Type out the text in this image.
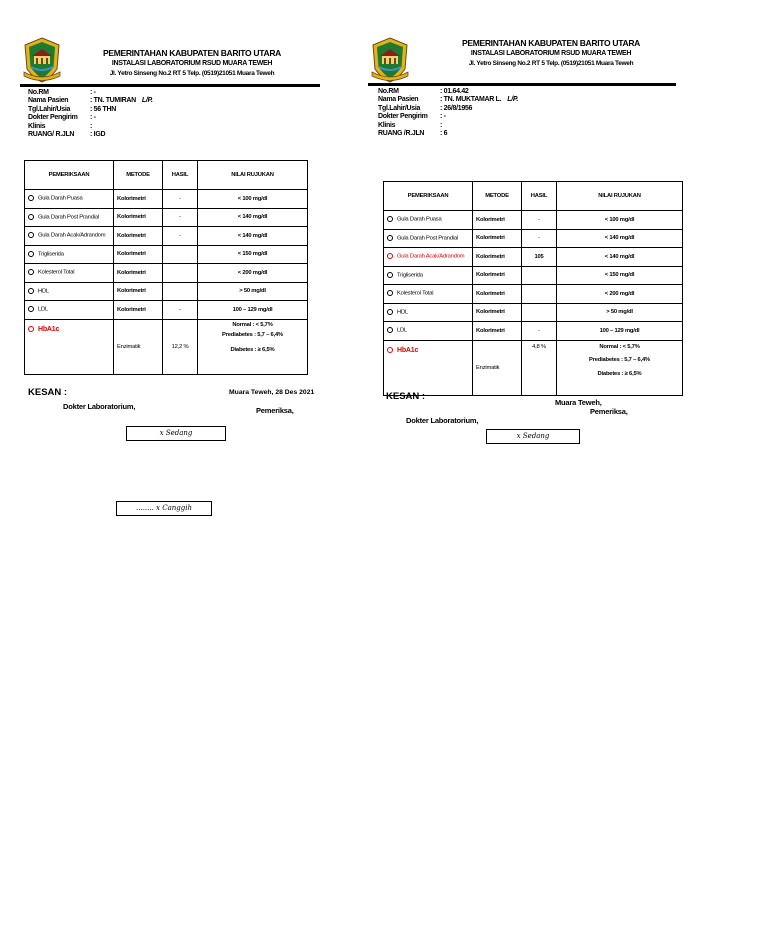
PEMERINTAHAN KABUPATEN BARITO UTARA
INSTALASI LABORATORIUM RSUD MUARA TEWEH
Jl. Yetro Sinseng No.2 RT 5 Telp. (0519)21051 Muara Teweh
No.RM	: -
Nama Pasien	: TN. TUMIRAN L/P.
Tgl.Lahir/Usia	: 56 THN
Dokter Pengirim	: -
Klinis	:
RUANG/ R.JLN	: IGD
PEMERIKSAAN	METODE	HASIL	NILAI RUJUKAN
Gula Darah Puasa	Kolorimetri	-	< 100 mg/dl
Gula Darah Post Prandial	Kolorimetri	-	< 140 mg/dl
Gula Darah Acak/Adrandom	Kolorimetri	-	< 140 mg/dl
Trigliserida	Kolorimetri		< 150 mg/dl
Kolesterol Total	Kolorimetri		< 200 mg/dl
HDL	Kolorimetri		> 50 mg/dl
LDL	Kolorimetri	-	100 – 129 mg/dl
HbA1c	Enzimatik	12,2 %	Normal : < 5,7%
Prediabetes : 5,7 – 6,4%
Diabetes : ≥ 6,5%
KESAN :	Muara Teweh, 28 Des 2021
Dokter Laboratorium,	Pemeriksa,
x Sedang
........ x Canggih
PEMERINTAHAN KABUPATEN BARITO UTARA
INSTALASI LABORATORIUM RSUD MUARA TEWEH
Jl. Yetro Sinseng No.2 RT 5 Telp. (0519)21051 Muara Teweh
No.RM	: 01.64.42
Nama Pasien	: TN. MUKTAMAR L. L/P.
Tgl.Lahir/Usia	: 26/8/1956
Dokter Pengirim	: -
Klinis	:
RUANG /R.JLN	: 6
PEMERIKSAAN	METODE	HASIL	NILAI RUJUKAN
Gula Darah Puasa	Kolorimetri	-	< 100 mg/dl
Gula Darah Post Prandial	Kolorimetri	-	< 140 mg/dl
Gula Darah Acak/Adrandom	Kolorimetri	105	< 140 mg/dl
Trigliserida	Kolorimetri		< 150 mg/dl
Kolesterol Total	Kolorimetri		< 200 mg/dl
HDL	Kolorimetri		> 50 mg/dl
LDL	Kolorimetri	-	100 – 129 mg/dl
HbA1c	Enzimatik	4,8 %	Normal : < 5,7%
Prediabetes : 5,7 – 6,4%
Diabetes : ≥ 6,5%
KESAN :
Muara Teweh,
Pemeriksa,
Dokter Laboratorium,
x Sedang
